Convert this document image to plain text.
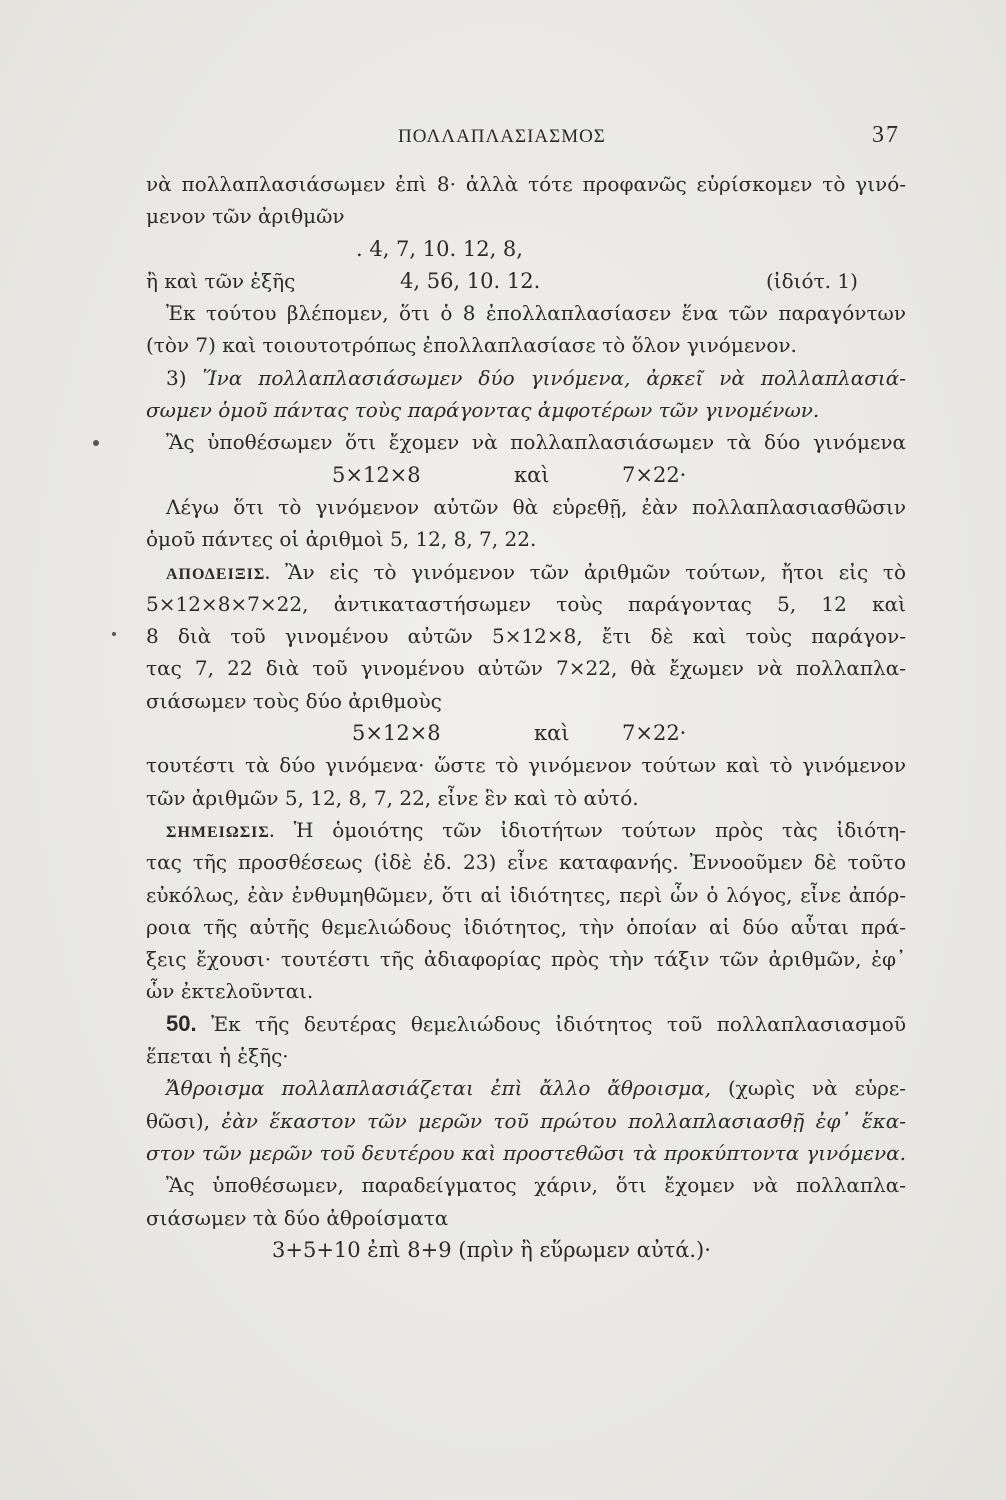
ΠΟΛΛΑΠΛΑΣΙΑΣΜΟΣ	37
νὰ πολλαπλασιάσωμεν ἐπὶ 8· ἀλλὰ τότε προφανῶς εὑρίσκομεν τὸ γινό-
μενον τῶν ἀριθμῶν
. 4, 7, 10. 12, 8,
ἢ καὶ τῶν ἑξῆς	4, 56, 10. 12.	(ἰδιότ. 1)
Ἐκ τούτου βλέπομεν, ὅτι ὁ 8 ἐπολλαπλασίασεν ἕνα τῶν παραγόντων
(τὸν 7) καὶ τοιουτοτρόπως ἐπολλαπλασίασε τὸ ὅλον γινόμενον.
3) Ἵνα πολλαπλασιάσωμεν δύο γινόμενα, ἀρκεῖ νὰ πολλαπλασιά-
σωμεν ὁμοῦ πάντας τοὺς παράγοντας ἀμφοτέρων τῶν γινομένων.
Ἂς ὑποθέσωμεν ὅτι ἔχομεν νὰ πολλαπλασιάσωμεν τὰ δύο γινόμενα
5×12×8	καὶ	7×22·
Λέγω ὅτι τὸ γινόμενον αὐτῶν θὰ εὑρεθῇ, ἐὰν πολλαπλασιασθῶσιν
ὁμοῦ πάντες οἱ ἀριθμοὶ 5, 12, 8, 7, 22.
ΑΠΟΔΕΙΞΙΣ. Ἂν εἰς τὸ γινόμενον τῶν ἀριθμῶν τούτων, ἤτοι εἰς τὸ
5×12×8×7×22, ἀντικαταστήσωμεν τοὺς παράγοντας 5, 12 καὶ
8 διὰ τοῦ γινομένου αὐτῶν 5×12×8, ἔτι δὲ καὶ τοὺς παράγον-
τας 7, 22 διὰ τοῦ γινομένου αὐτῶν 7×22, θὰ ἔχωμεν νὰ πολλαπλα-
σιάσωμεν τοὺς δύο ἀριθμοὺς
5×12×8	καὶ 7×22·
τουτέστι τὰ δύο γινόμενα· ὥστε τὸ γινόμενον τούτων καὶ τὸ γινόμενον
τῶν ἀριθμῶν 5, 12, 8, 7, 22, εἶνε ἓν καὶ τὸ αὐτό.
ΣΗΜΕΙΩΣΙΣ. Ἡ ὁμοιότης τῶν ἰδιοτήτων τούτων πρὸς τὰς ἰδιότη-
τας τῆς προσθέσεως (ἰδὲ ἐδ. 23) εἶνε καταφανής. Ἐννοοῦμεν δὲ τοῦτο
εὐκόλως, ἐὰν ἐνθυμηθῶμεν, ὅτι αἱ ἰδιότητες, περὶ ὧν ὁ λόγος, εἶνε ἀπόρ-
ροια τῆς αὐτῆς θεμελιώδους ἰδιότητος, τὴν ὁποίαν αἱ δύο αὗται πρά-
ξεις ἔχουσι· τουτέστι τῆς ἀδιαφορίας πρὸς τὴν τάξιν τῶν ἀριθμῶν, ἐφ᾽
ὧν ἐκτελοῦνται.
50. Ἐκ τῆς δευτέρας θεμελιώδους ἰδιότητος τοῦ πολλαπλασιασμοῦ
ἕπεται ἡ ἑξῆς·
Ἄθροισμα πολλαπλασιάζεται ἐπὶ ἄλλο ἄθροισμα, (χωρὶς νὰ εὑρε-
θῶσι), ἐὰν ἕκαστον τῶν μερῶν τοῦ πρώτου πολλαπλασιασθῇ ἐφ᾽ ἕκα-
στον τῶν μερῶν τοῦ δευτέρου καὶ προστεθῶσι τὰ προκύπτοντα γινόμενα.
Ἂς ὑποθέσωμεν, παραδείγματος χάριν, ὅτι ἔχομεν νὰ πολλαπλα-
σιάσωμεν τὰ δύο ἀθροίσματα
3+5+10 ἐπὶ 8+9 (πρὶν ἢ εὕρωμεν αὐτά.)·
